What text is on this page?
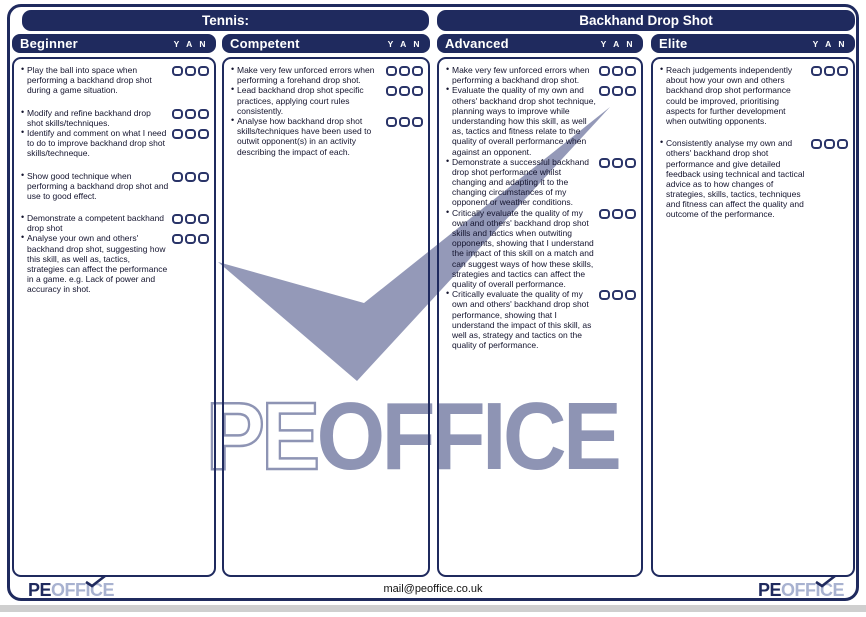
PEOFFICE
Tennis:	Backhand Drop Shot
Beginner	Y A N Competent	Y A N Advanced	Y A N Elite	Y A N
• Play the ball into space when performing a backhand drop shot during a game situation.
• Modify and refine backhand drop shot skills/techniques.
• Identify and comment on what I need to do to improve backhand drop shot skills/techneque.
• Show good technique when performing a backhand drop shot and use to good effect.
• Demonstrate a competent backhand drop shot
• Analyse your own and others' backhand drop shot, suggesting how this skill, as well as, tactics, strategies can affect the performance in a game. e.g. Lack of power and accuracy in shot.
• Make very few unforced errors when performing a forehand drop shot.
• Lead backhand drop shot specific practices, applying court rules consistently.
• Analyse how backhand drop shot skills/techniques have been used to outwit opponent(s) in an activity describing the impact of each.
• Make very few unforced errors when performing a backhand drop shot.
• Evaluate the quality of my own and others' backhand drop shot technique, planning ways to improve while understanding how this skill, as well as, tactics and fitness relate to the quality of overall performance when against an opponent.
• Demonstrate a successful backhand drop shot performance whilst changing and adapting it to the changing circumstances of my opponent or weather conditions.
• Critically evaluate the quality of my own and others' backhand drop shot skills and tactics when outwiting opponents, showing that I understand the impact of this skill on a match and can suggest ways of how these skills, strategies and tactics can affect the quality of overall performance.
• Critically evaluate the quality of my own and others' backhand drop shot performance, showing that I understand the impact of this skill, as well as, strategy and tactics on the quality of performance.
• Reach judgements independently about how your own and others backhand drop shot performance could be improved, prioritising aspects for further development when outwiting opponents.
• Consistently analyse my own and others' backhand drop shot performance and give detailed feedback using technical and tactical advice as to how changes of strategies, skills, tactics, techniques and fitness can affect the quality and outcome of the performance.
PEOFFICE	mail@peoffice.co.uk	PEOFFICE
